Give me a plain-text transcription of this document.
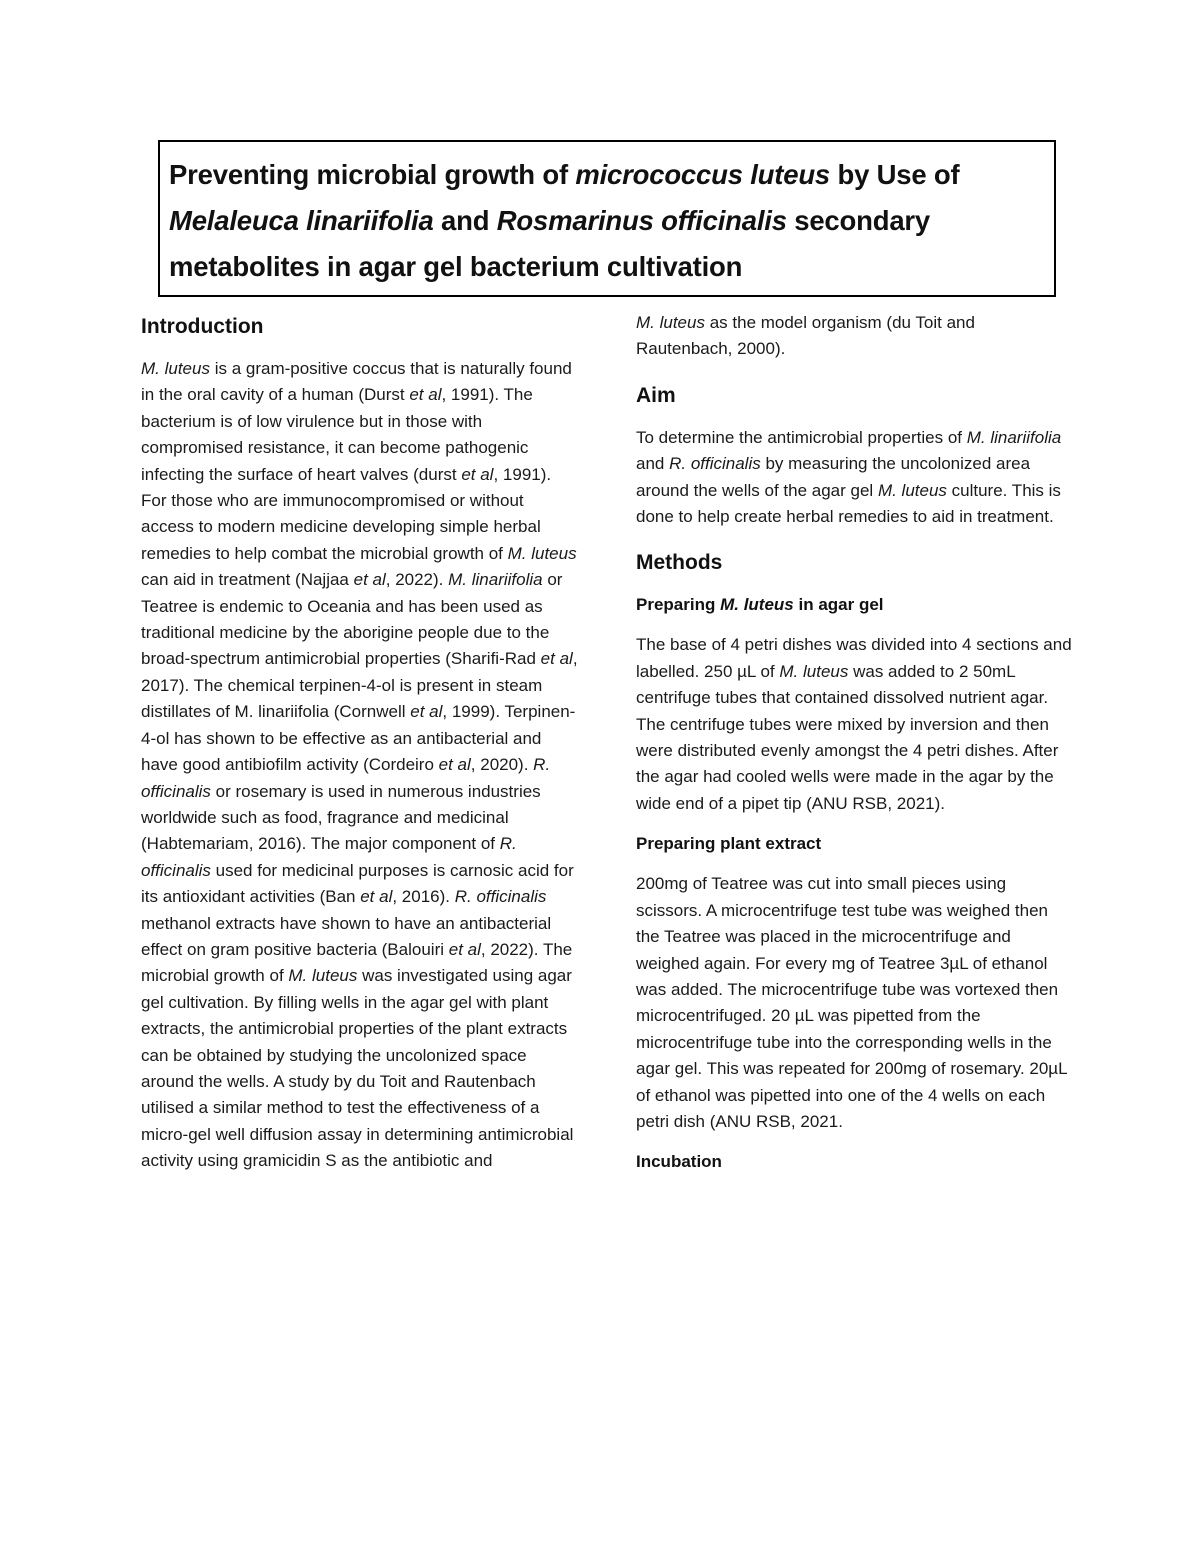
Preventing microbial growth of micrococcus luteus by Use of Melaleuca linariifolia and Rosmarinus officinalis secondary metabolites in agar gel bacterium cultivation
Introduction

M. luteus is a gram-positive coccus that is naturally found in the oral cavity of a human (Durst et al, 1991). The bacterium is of low virulence but in those with compromised resistance, it can become pathogenic infecting the surface of heart valves (durst et al, 1991). For those who are immunocompromised or without access to modern medicine developing simple herbal remedies to help combat the microbial growth of M. luteus can aid in treatment (Najjaa et al, 2022). M. linariifolia or Teatree is endemic to Oceania and has been used as traditional medicine by the aborigine people due to the broad-spectrum antimicrobial properties (Sharifi-Rad et al, 2017). The chemical terpinen-4-ol is present in steam distillates of M. linariifolia (Cornwell et al, 1999). Terpinen-4-ol has shown to be effective as an antibacterial and have good antibiofilm activity (Cordeiro et al, 2020). R. officinalis or rosemary is used in numerous industries worldwide such as food, fragrance and medicinal (Habtemariam, 2016). The major component of R. officinalis used for medicinal purposes is carnosic acid for its antioxidant activities (Ban et al, 2016). R. officinalis methanol extracts have shown to have an antibacterial effect on gram positive bacteria (Balouiri et al, 2022). The microbial growth of M. luteus was investigated using agar gel cultivation. By filling wells in the agar gel with plant extracts, the antimicrobial properties of the plant extracts can be obtained by studying the uncolonized space around the wells. A study by du Toit and Rautenbach utilised a similar method to test the effectiveness of a micro-gel well diffusion assay in determining antimicrobial activity using gramicidin S as the antibiotic and

M. luteus as the model organism (du Toit and Rautenbach, 2000).

Aim

To determine the antimicrobial properties of M. linariifolia and R. officinalis by measuring the uncolonized area around the wells of the agar gel M. luteus culture. This is done to help create herbal remedies to aid in treatment.

Methods
Preparing M. luteus in agar gel

The base of 4 petri dishes was divided into 4 sections and labelled. 250 µL of M. luteus was added to 2 50mL centrifuge tubes that contained dissolved nutrient agar. The centrifuge tubes were mixed by inversion and then were distributed evenly amongst the 4 petri dishes. After the agar had cooled wells were made in the agar by the wide end of a pipet tip (ANU RSB, 2021).

Preparing plant extract

200mg of Teatree was cut into small pieces using scissors. A microcentrifuge test tube was weighed then the Teatree was placed in the microcentrifuge and weighed again. For every mg of Teatree 3µL of ethanol was added. The microcentrifuge tube was vortexed then microcentrifuged. 20 µL was pipetted from the microcentrifuge tube into the corresponding wells in the agar gel. This was repeated for 200mg of rosemary. 20µL of ethanol was pipetted into one of the 4 wells on each petri dish (ANU RSB, 2021.

Incubation
